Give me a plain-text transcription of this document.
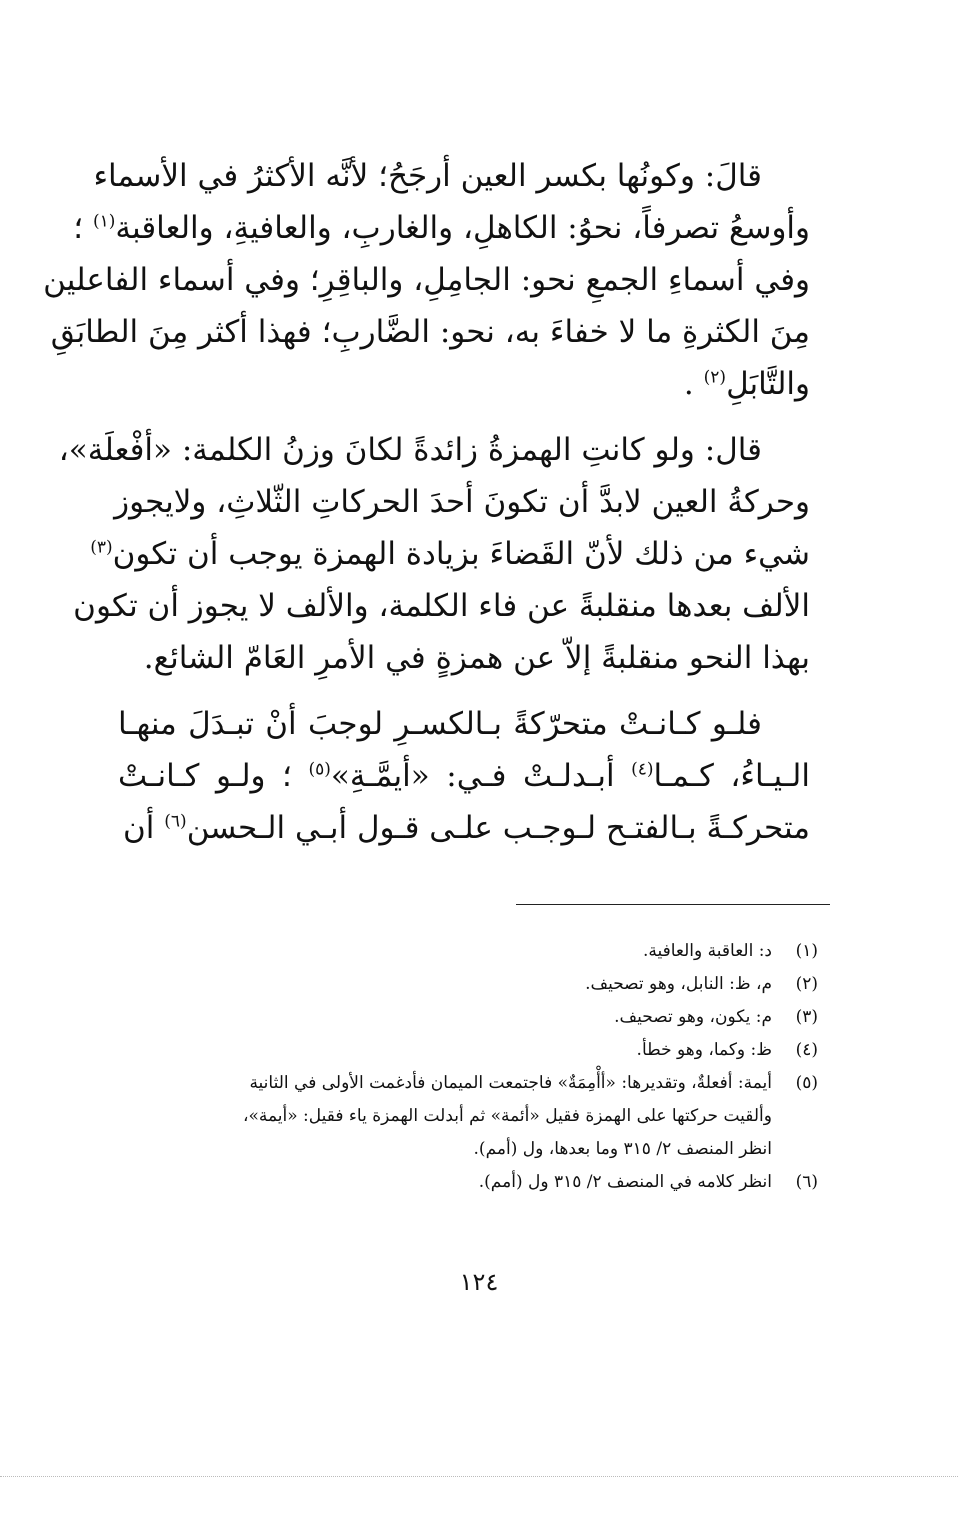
قالَ: وكونُها بكسر العين أرجَحُ؛ لأنَّه الأكثرُ في الأسماء
وأوسعُ تصرفاً، نحوُ: الكاهلِ، والغاربِ، والعافيةِ، والعاقبة$^{(١)}$ ؛
وفي أسماءِ الجمعِ نحو: الجامِلِ، والباقِرِ؛ وفي أسماء الفاعلين
مِنَ الكثرةِ ما لا خفاءَ به، نحو: الضَّاربِ؛ فهذا أكثر مِنَ الطابَقِ
والتَّابَلِ$^{(٢)}$ .
قال: ولو كانتِ الهمزةُ زائدةً لكانَ وزنُ الكلمة: «أفْعلَة»،
وحركةُ العين لابدَّ أن تكونَ أحدَ الحركاتِ الثّلاثِ، ولايجوز
شيء من ذلك لأنّ القَضاءَ بزيادة الهمزة يوجب أن تكون$^{(٣)}$
الألف بعدها منقلبةً عن فاء الكلمة، والألف لا يجوز أن تكون
بهذا النحو منقلبةً إلاّ عن همزةٍ في الأمرِ العَامّ الشائع.
فلـو كـانـتْ متحرّكةً بـالكسـرِ لوجبَ أنْ تبـدَلَ منهـا
الـيـاءُ، كـمـا$^{(٤)}$ أبـدلـتْ فـي: «أيمَّـةِ»$^{(٥)}$ ؛ ولـو كـانـتْ
متحركـةً بـالفتـح لـوجـب علـى قـول أبـي الـحسن$^{(٦)}$ أن
(١)
د: العاقبة والعافية.
(٢)
م، ظ: النابل، وهو تصحيف.
(٣)
م: يكون، وهو تصحيف.
(٤)
ظ: وكما، وهو خطأ.
(٥)
أيمة: أفعلةٌ، وتقديرها: «أأْمِمَةٌ» فاجتمعت الميمان فأدغمت الأولى في الثانية
وألقيت حركتها على الهمزة فقيل «أئمة» ثم أبدلت الهمزة ياء فقيل: «أيمة»،
انظر المنصف ٢/ ٣١٥ وما بعدها، ول (أمم).
(٦)
انظر كلامه في المنصف ٢/ ٣١٥ ول (أمم).
١٢٤
